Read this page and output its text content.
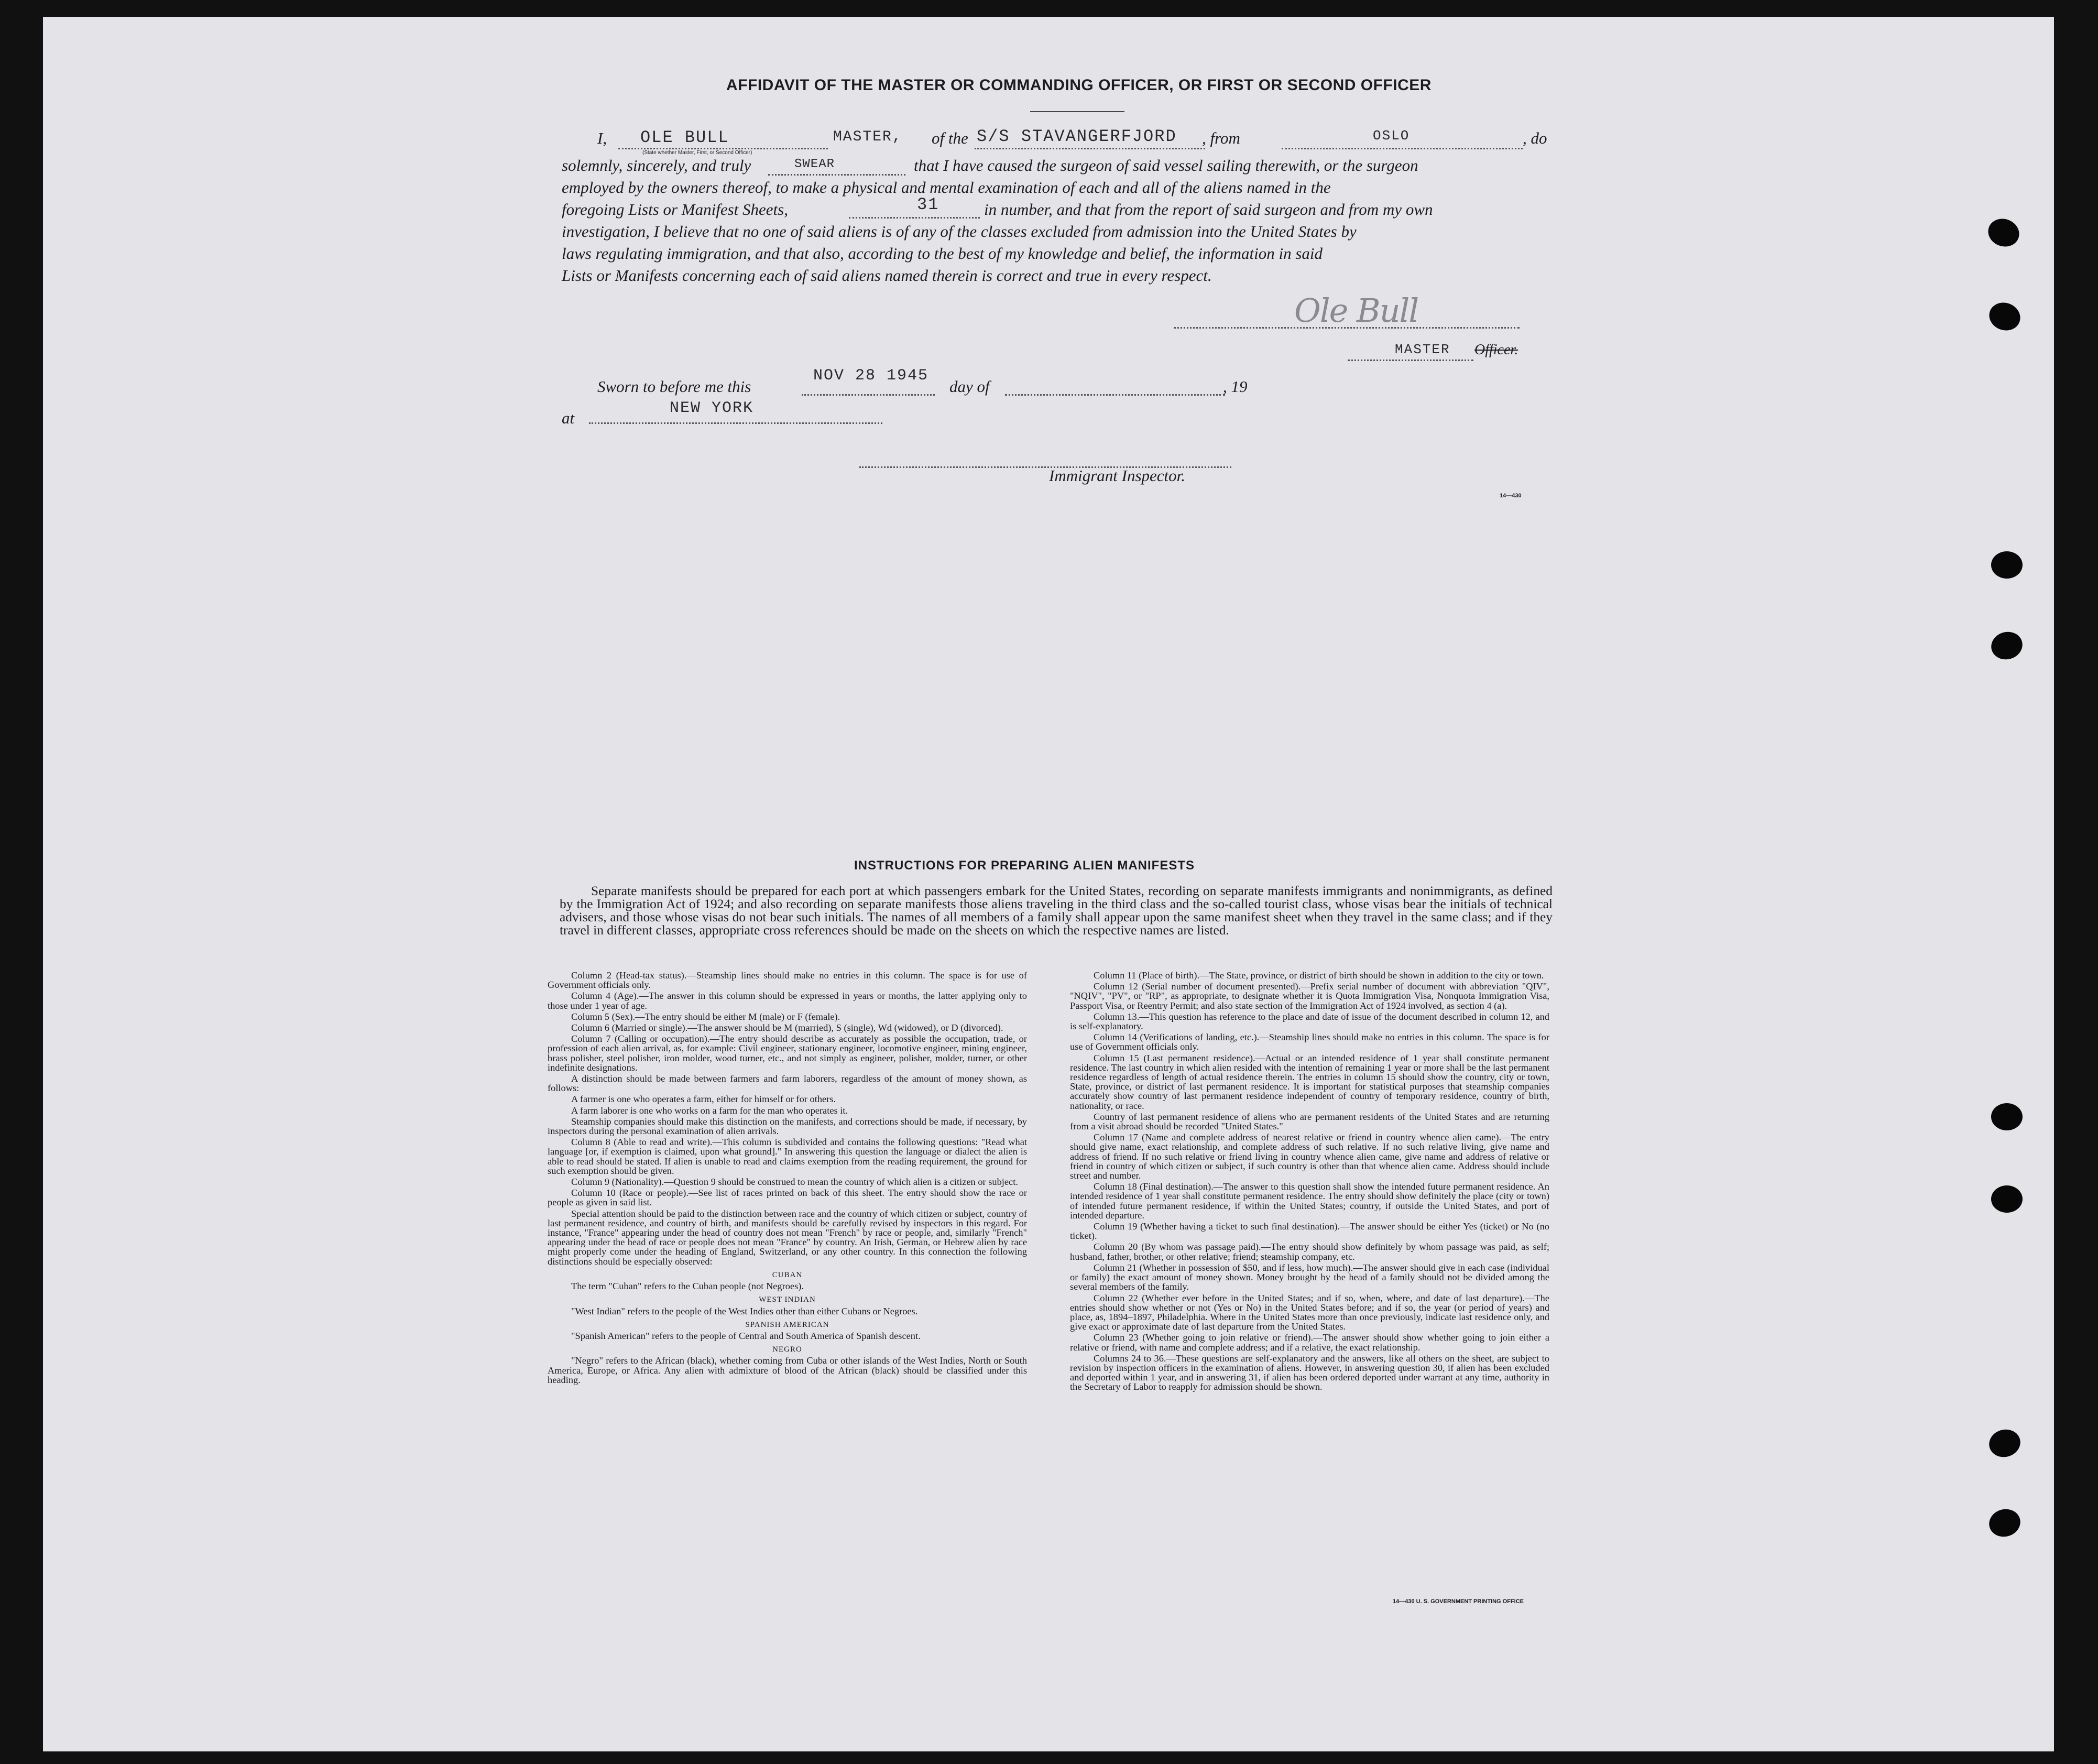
AFFIDAVIT OF THE MASTER OR COMMANDING OFFICER, OR FIRST OR SECOND OFFICER
I, OLE BULL	MASTER, of the S/S STAVANGERFJORD , from	OSLO	, do
(State whether Master, First, or Second Officer)
solemnly, sincerely, and truly	SWEAR	that I have caused the surgeon of said vessel sailing therewith, or the surgeon
employed by the owners thereof, to make a physical and mental examination of each and all of the aliens named in the
foregoing Lists or Manifest Sheets,	31	in number, and that from the report of said surgeon and from my own
investigation, I believe that no one of said aliens is of any of the classes excluded from admission into the United States by
laws regulating immigration, and that also, according to the best of my knowledge and belief, the information in said
Lists or Manifests concerning each of said aliens named therein is correct and true in every respect.
Ole Bull
MASTER Officer.
Sworn to before me this
NOV 28 1945
day of	, 19
at
NEW YORK
Immigrant Inspector.
14—430
INSTRUCTIONS FOR PREPARING ALIEN MANIFESTS

Separate manifests should be prepared for each port at which passengers embark for the United States, recording on separate manifests immigrants and nonimmigrants, as defined by the Immigration Act of 1924; and also recording on separate manifests those aliens traveling in the third class and the so-called tourist class, whose visas bear the initials of technical advisers, and those whose visas do not bear such initials. The names of all members of a family shall appear upon the same manifest sheet when they travel in the same class; and if they travel in different classes, appropriate cross references should be made on the sheets on which the respective names are listed.

Column 2 (Head-tax status).—Steamship lines should make no entries in this column. The space is for use of Government officials only.

Column 4 (Age).—The answer in this column should be expressed in years or months, the latter applying only to those under 1 year of age.

Column 5 (Sex).—The entry should be either M (male) or F (female).

Column 6 (Married or single).—The answer should be M (married), S (single), Wd (widowed), or D (divorced).

Column 7 (Calling or occupation).—The entry should describe as accurately as possible the occupation, trade, or profession of each alien arrival, as, for example: Civil engineer, stationary engineer, locomotive engineer, mining engineer, brass polisher, steel polisher, iron molder, wood turner, etc., and not simply as engineer, polisher, molder, turner, or other indefinite designations.

A distinction should be made between farmers and farm laborers, regardless of the amount of money shown, as follows:

A farmer is one who operates a farm, either for himself or for others.

A farm laborer is one who works on a farm for the man who operates it.

Steamship companies should make this distinction on the manifests, and corrections should be made, if necessary, by inspectors during the personal examination of alien arrivals.

Column 8 (Able to read and write).—This column is subdivided and contains the following questions: "Read what language [or, if exemption is claimed, upon what ground]." In answering this question the language or dialect the alien is able to read should be stated. If alien is unable to read and claims exemption from the reading requirement, the ground for such exemption should be given.

Column 9 (Nationality).—Question 9 should be construed to mean the country of which alien is a citizen or subject.

Column 10 (Race or people).—See list of races printed on back of this sheet. The entry should show the race or people as given in said list.

Special attention should be paid to the distinction between race and the country of which citizen or subject, country of last permanent residence, and country of birth, and manifests should be carefully revised by inspectors in this regard. For instance, "France" appearing under the head of country does not mean "French" by race or people, and, similarly "French" appearing under the head of race or people does not mean "France" by country. An Irish, German, or Hebrew alien by race might properly come under the heading of England, Switzerland, or any other country. In this connection the following distinctions should be especially observed:

CUBAN

The term "Cuban" refers to the Cuban people (not Negroes).

WEST INDIAN

"West Indian" refers to the people of the West Indies other than either Cubans or Negroes.

SPANISH AMERICAN

"Spanish American" refers to the people of Central and South America of Spanish descent.

NEGRO

"Negro" refers to the African (black), whether coming from Cuba or other islands of the West Indies, North or South America, Europe, or Africa. Any alien with admixture of blood of the African (black) should be classified under this heading.

Column 11 (Place of birth).—The State, province, or district of birth should be shown in addition to the city or town.

Column 12 (Serial number of document presented).—Prefix serial number of document with abbreviation "QIV", "NQIV", "PV", or "RP", as appropriate, to designate whether it is Quota Immigration Visa, Nonquota Immigration Visa, Passport Visa, or Reentry Permit; and also state section of the Immigration Act of 1924 involved, as section 4 (a).

Column 13.—This question has reference to the place and date of issue of the document described in column 12, and is self-explanatory.

Column 14 (Verifications of landing, etc.).—Steamship lines should make no entries in this column. The space is for use of Government officials only.

Column 15 (Last permanent residence).—Actual or an intended residence of 1 year shall constitute permanent residence. The last country in which alien resided with the intention of remaining 1 year or more shall be the last permanent residence regardless of length of actual residence therein. The entries in column 15 should show the country, city or town, State, province, or district of last permanent residence. It is important for statistical purposes that steamship companies accurately show country of last permanent residence independent of country of temporary residence, country of birth, nationality, or race.

Country of last permanent residence of aliens who are permanent residents of the United States and are returning from a visit abroad should be recorded "United States."

Column 17 (Name and complete address of nearest relative or friend in country whence alien came).—The entry should give name, exact relationship, and complete address of such relative. If no such relative living, give name and address of friend. If no such relative or friend living in country whence alien came, give name and address of relative or friend in country of which citizen or subject, if such country is other than that whence alien came. Address should include street and number.

Column 18 (Final destination).—The answer to this question shall show the intended future permanent residence. An intended residence of 1 year shall constitute permanent residence. The entry should show definitely the place (city or town) of intended future permanent residence, if within the United States; country, if outside the United States, and port of intended departure.

Column 19 (Whether having a ticket to such final destination).—The answer should be either Yes (ticket) or No (no ticket).

Column 20 (By whom was passage paid).—The entry should show definitely by whom passage was paid, as self; husband, father, brother, or other relative; friend; steamship company, etc.

Column 21 (Whether in possession of $50, and if less, how much).—The answer should give in each case (individual or family) the exact amount of money shown. Money brought by the head of a family should not be divided among the several members of the family.

Column 22 (Whether ever before in the United States; and if so, when, where, and date of last departure).—The entries should show whether or not (Yes or No) in the United States before; and if so, the year (or period of years) and place, as, 1894–1897, Philadelphia. Where in the United States more than once previously, indicate last residence only, and give exact or approximate date of last departure from the United States.

Column 23 (Whether going to join relative or friend).—The answer should show whether going to join either a relative or friend, with name and complete address; and if a relative, the exact relationship.

Columns 24 to 36.—These questions are self-explanatory and the answers, like all others on the sheet, are subject to revision by inspection officers in the examination of aliens. However, in answering question 30, if alien has been excluded and deported within 1 year, and in answering 31, if alien has been ordered deported under warrant at any time, authority in the Secretary of Labor to reapply for admission should be shown.

14—430 U. S. GOVERNMENT PRINTING OFFICE
